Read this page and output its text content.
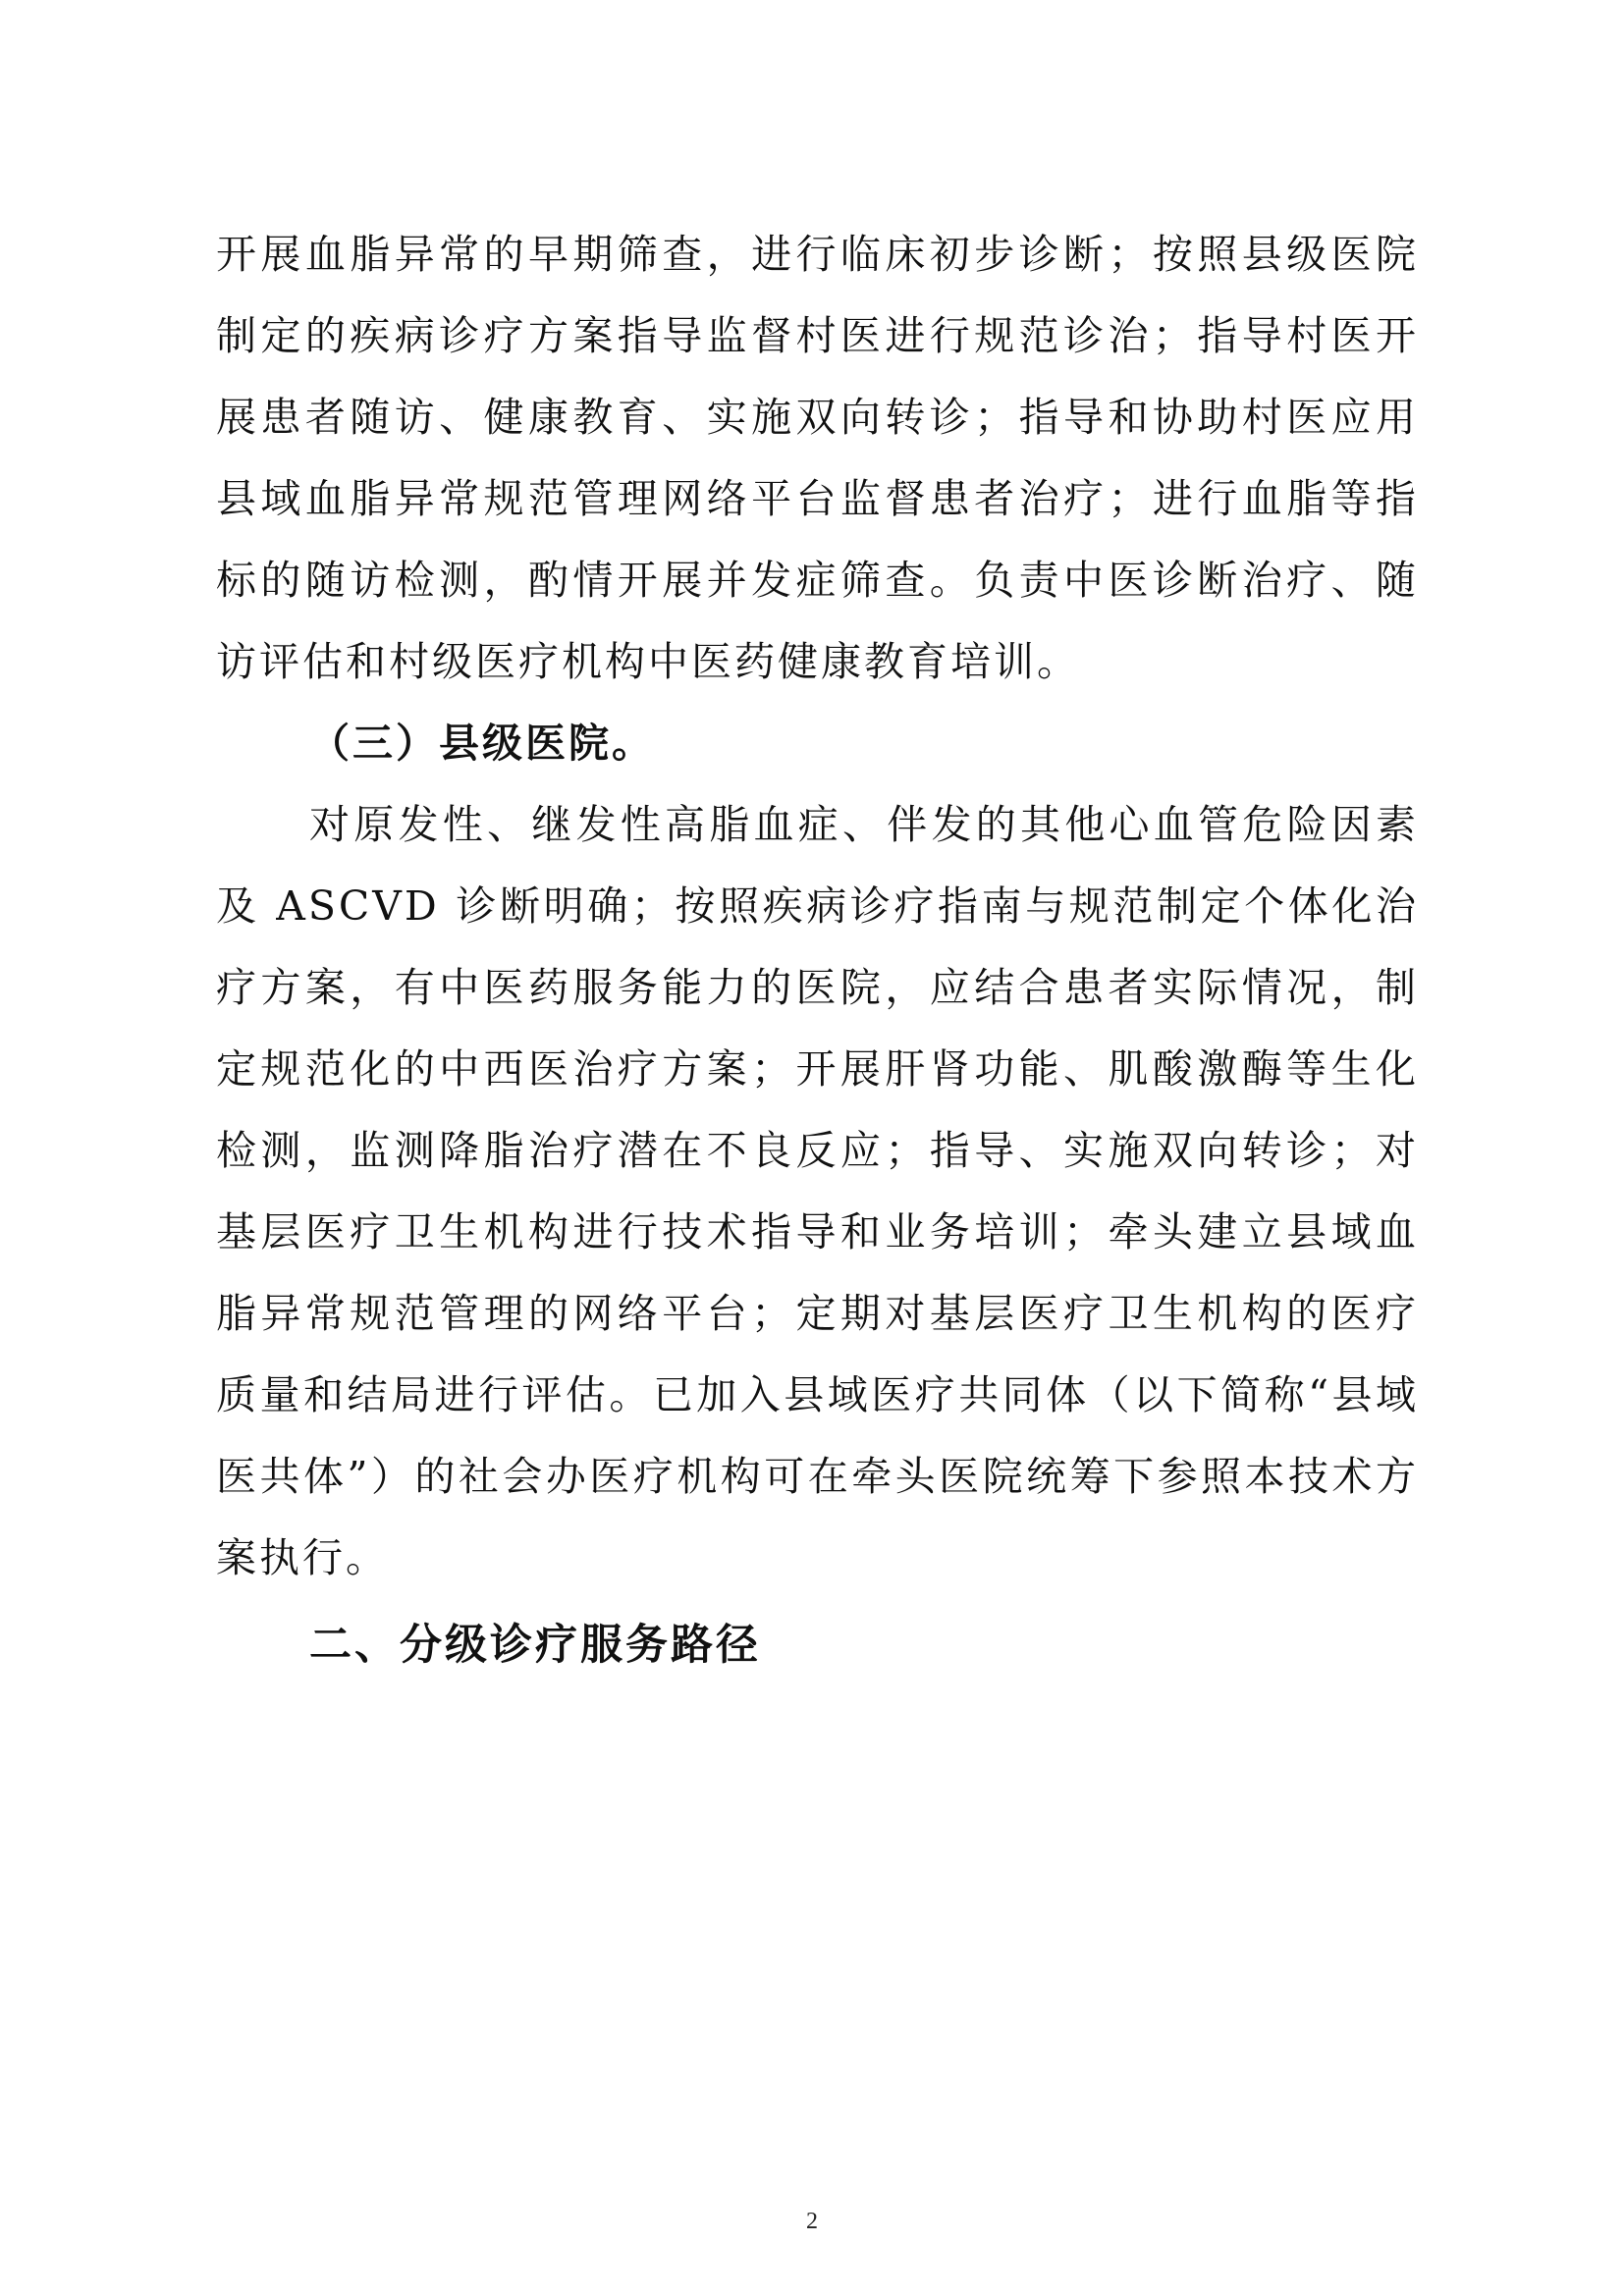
开展血脂异常的早期筛查，进行临床初步诊断；按照县级医院制定的疾病诊疗方案指导监督村医进行规范诊治；指导村医开展患者随访、健康教育、实施双向转诊；指导和协助村医应用县域血脂异常规范管理网络平台监督患者治疗；进行血脂等指标的随访检测，酌情开展并发症筛查。负责中医诊断治疗、随访评估和村级医疗机构中医药健康教育培训。

（三）县级医院。

对原发性、继发性高脂血症、伴发的其他心血管危险因素及 ASCVD 诊断明确；按照疾病诊疗指南与规范制定个体化治疗方案，有中医药服务能力的医院，应结合患者实际情况，制定规范化的中西医治疗方案；开展肝肾功能、肌酸激酶等生化检测，监测降脂治疗潜在不良反应；指导、实施双向转诊；对基层医疗卫生机构进行技术指导和业务培训；牵头建立县域血脂异常规范管理的网络平台；定期对基层医疗卫生机构的医疗质量和结局进行评估。已加入县域医疗共同体（以下简称“县域医共体”）的社会办医疗机构可在牵头医院统筹下参照本技术方案执行。

二、分级诊疗服务路径

2
